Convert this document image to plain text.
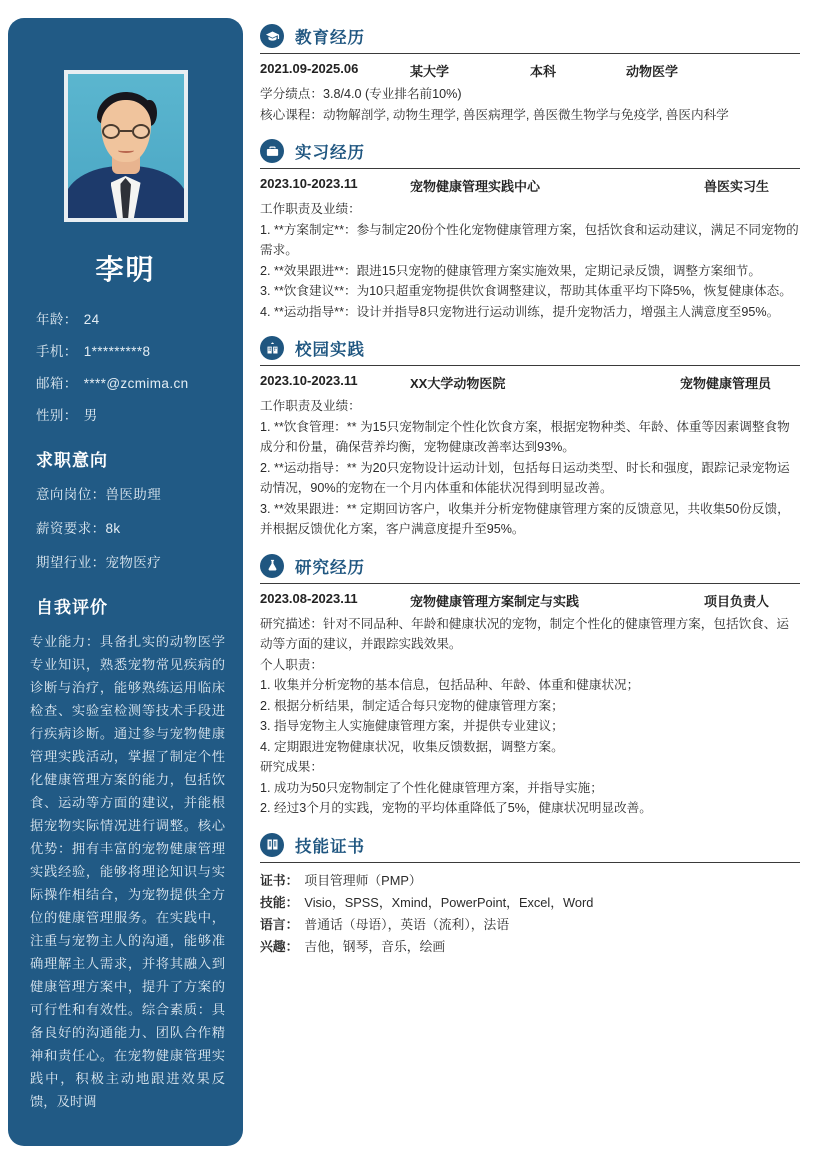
李明
年龄： 24
手机： 1*********8
邮箱： ****@zcmima.cn
性别： 男
求职意向
意向岗位：兽医助理
薪资要求：8k
期望行业：宠物医疗
自我评价
专业能力：具备扎实的动物医学专业知识，熟悉宠物常见疾病的诊断与治疗，能够熟练运用临床检查、实验室检测等技术手段进行疾病诊断。通过参与宠物健康管理实践活动，掌握了制定个性化健康管理方案的能力，包括饮食、运动等方面的建议，并能根据宠物实际情况进行调整。核心优势：拥有丰富的宠物健康管理实践经验，能够将理论知识与实际操作相结合，为宠物提供全方位的健康管理服务。在实践中，注重与宠物主人的沟通，能够准确理解主人需求，并将其融入到健康管理方案中，提升了方案的可行性和有效性。综合素质：具备良好的沟通能力、团队合作精神和责任心。在宠物健康管理实践中，积极主动地跟进效果反馈，及时调
教育经历
2021.09-2025.06	某大学	本科	动物医学
学分绩点：3.8/4.0 (专业排名前10%)
核心课程：动物解剖学, 动物生理学, 兽医病理学, 兽医微生物学与免疫学, 兽医内科学
实习经历
2023.10-2023.11	宠物健康管理实践中心	兽医实习生
工作职责及业绩：
1. **方案制定**：参与制定20份个性化宠物健康管理方案，包括饮食和运动建议，满足不同宠物的需求。
2. **效果跟进**：跟进15只宠物的健康管理方案实施效果，定期记录反馈，调整方案细节。
3. **饮食建议**：为10只超重宠物提供饮食调整建议，帮助其体重平均下降5%，恢复健康体态。
4. **运动指导**：设计并指导8只宠物进行运动训练，提升宠物活力，增强主人满意度至95%。
校园实践
2023.10-2023.11	XX大学动物医院	宠物健康管理员
工作职责及业绩：
1. **饮食管理：** 为15只宠物制定个性化饮食方案，根据宠物种类、年龄、体重等因素调整食物成分和份量，确保营养均衡，宠物健康改善率达到93%。
2. **运动指导：** 为20只宠物设计运动计划，包括每日运动类型、时长和强度，跟踪记录宠物运动情况，90%的宠物在一个月内体重和体能状况得到明显改善。
3. **效果跟进：** 定期回访客户，收集并分析宠物健康管理方案的反馈意见，共收集50份反馈，并根据反馈优化方案，客户满意度提升至95%。
研究经历
2023.08-2023.11	宠物健康管理方案制定与实践	项目负责人
研究描述：针对不同品种、年龄和健康状况的宠物，制定个性化的健康管理方案，包括饮食、运动等方面的建议，并跟踪实践效果。
个人职责：
1. 收集并分析宠物的基本信息，包括品种、年龄、体重和健康状况；
2. 根据分析结果，制定适合每只宠物的健康管理方案；
3. 指导宠物主人实施健康管理方案，并提供专业建议；
4. 定期跟进宠物健康状况，收集反馈数据，调整方案。
研究成果：
1. 成功为50只宠物制定了个性化健康管理方案，并指导实施；
2. 经过3个月的实践，宠物的平均体重降低了5%，健康状况明显改善。
技能证书
证书： 项目管理师（PMP）
技能： Visio，SPSS，Xmind，PowerPoint，Excel，Word
语言： 普通话（母语），英语（流利），法语
兴趣： 吉他，钢琴，音乐，绘画
